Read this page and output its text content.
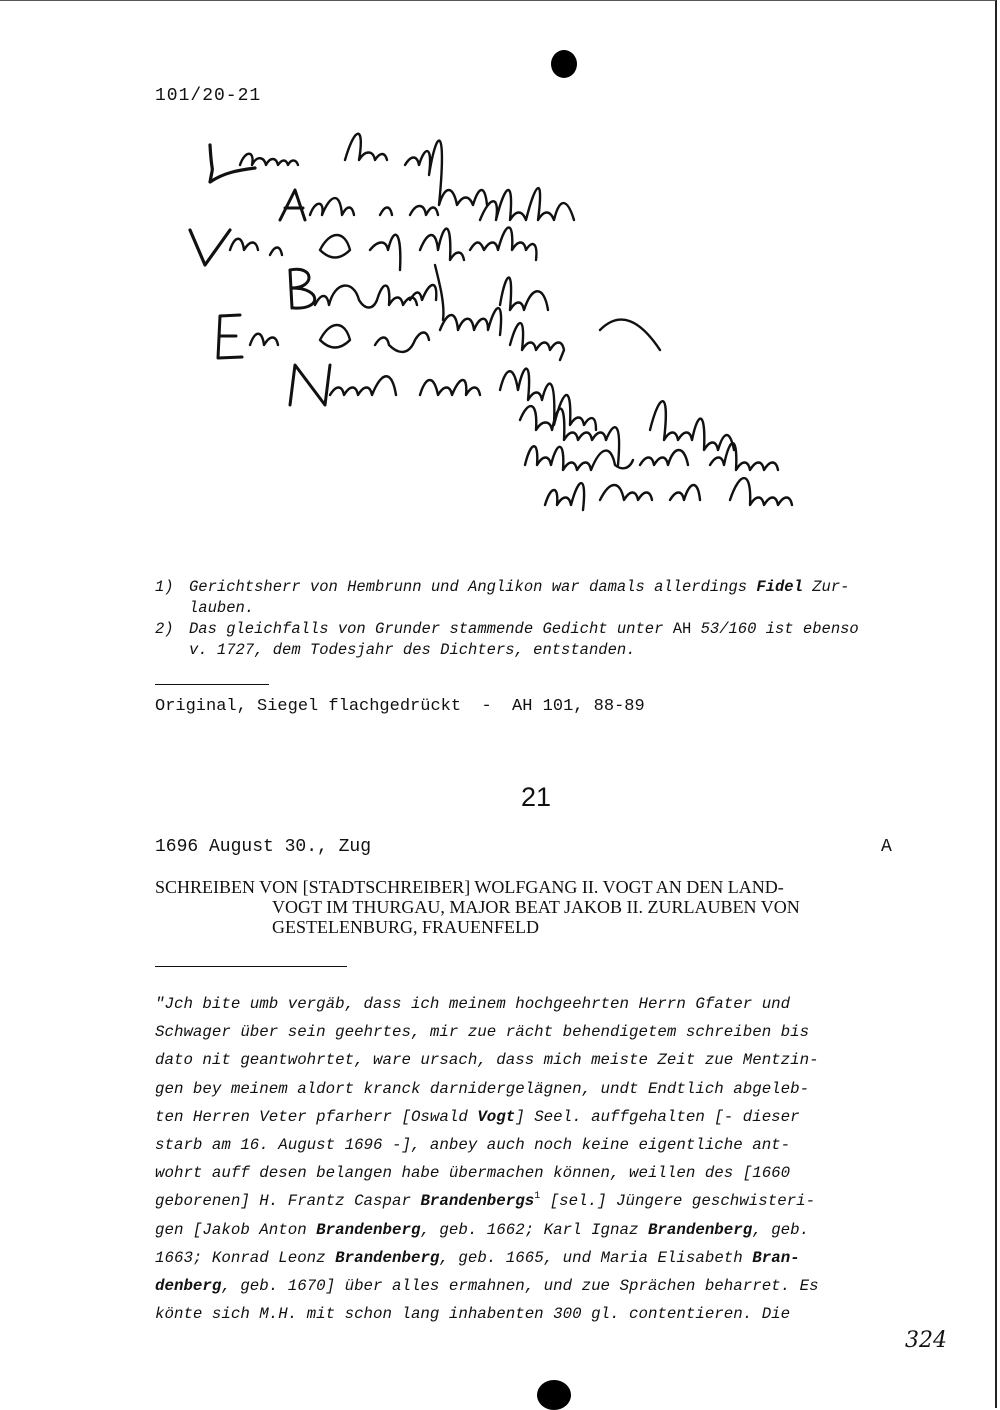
101/20-21
1) Gerichtsherr von Hembrunn und Anglikon war damals allerdings Fidel Zur-
lauben.
2) Das gleichfalls von Grunder stammende Gedicht unter AH 53/160 ist ebenso
v. 1727, dem Todesjahr des Dichters, entstanden.
Original, Siegel flachgedrückt  -  AH 101, 88-89
21
1696 August 30., Zug	A
SCHREIBEN VON [STADTSCHREIBER] WOLFGANG II. VOGT AN DEN LAND-
VOGT IM THURGAU, MAJOR BEAT JAKOB II. ZURLAUBEN VON
GESTELENBURG, FRAUENFELD
"Jch bite umb vergäb, dass ich meinem hochgeehrten Herrn Gfater und
Schwager über sein geehrtes, mir zue rächt behendigetem schreiben bis
dato nit geantwohrtet, ware ursach, dass mich meiste Zeit zue Mentzin-
gen bey meinem aldort kranck darnidergelägnen, undt Endtlich abgeleb-
ten Herren Veter pfarherr [Oswald Vogt] Seel. auffgehalten [- dieser
starb am 16. August 1696 -], anbey auch noch keine eigentliche ant-
wohrt auff desen belangen habe übermachen können, weillen des [1660
geborenen] H. Frantz Caspar Brandenbergs$^1$ [sel.] Jüngere geschwisteri-
gen [Jakob Anton Brandenberg, geb. 1662; Karl Ignaz Brandenberg, geb.
1663; Konrad Leonz Brandenberg, geb. 1665, und Maria Elisabeth Bran-
denberg, geb. 1670] über alles ermahnen, und zue Sprächen beharret. Es
könte sich M.H. mit schon lang inhabenten 300 gl. contentieren. Die
324
